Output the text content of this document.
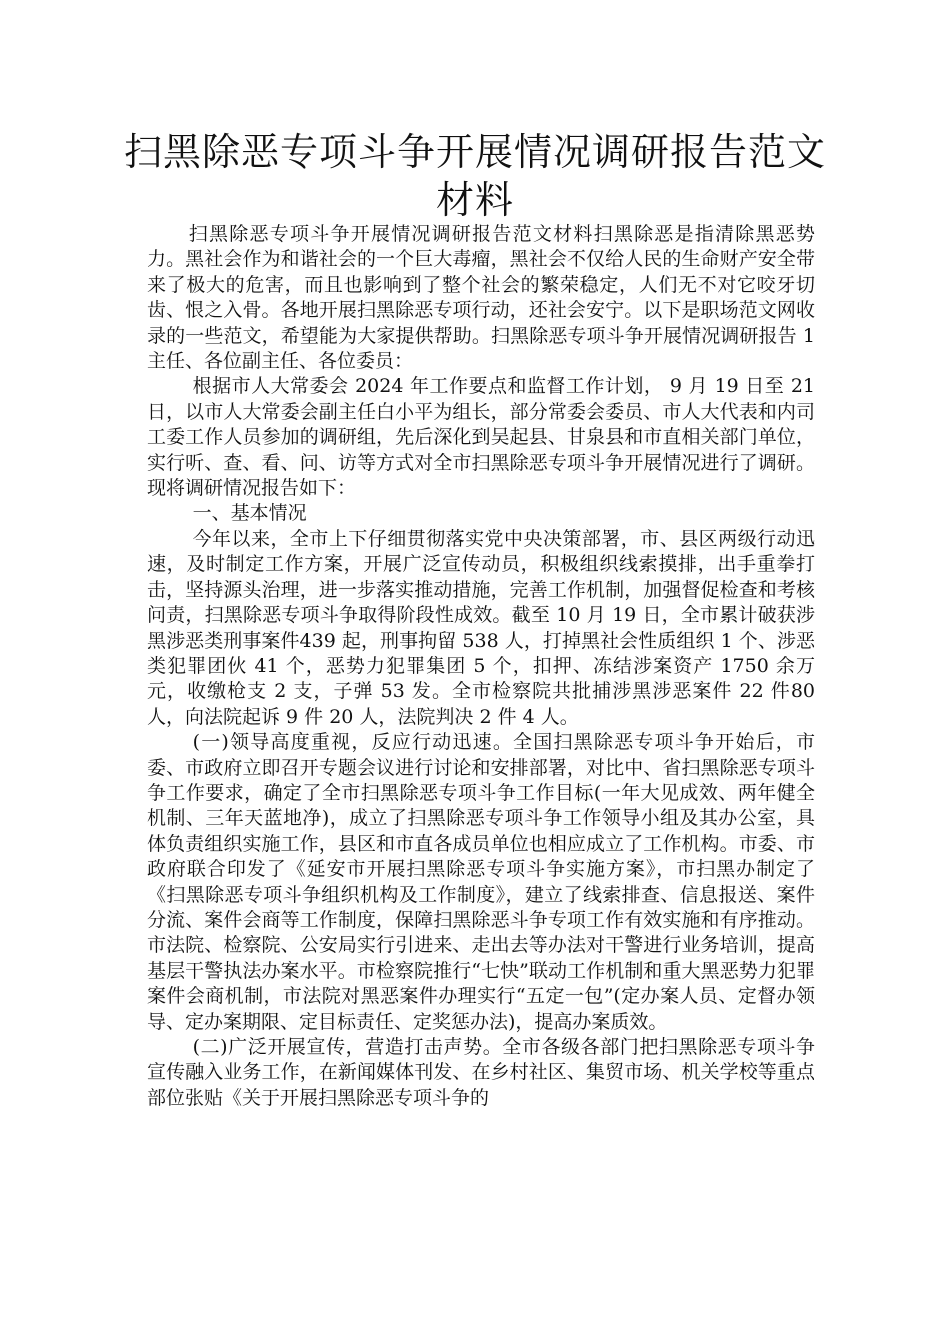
扫黑除恶专项斗争开展情况调研报告范文材料

扫黑除恶专项斗争开展情况调研报告范文材料扫黑除恶是指清除黑恶势力。黑社会作为和谐社会的一个巨大毒瘤，黑社会不仅给人民的生命财产安全带来了极大的危害，而且也影响到了整个社会的繁荣稳定，人们无不对它咬牙切齿、恨之入骨。各地开展扫黑除恶专项行动，还社会安宁。以下是职场范文网收录的一些范文，希望能为大家提供帮助。扫黑除恶专项斗争开展情况调研报告 1 主任、各位副主任、各位委员：

根据市人大常委会 2024 年工作要点和监督工作计划， 9 月 19 日至 21 日，以市人大常委会副主任白小平为组长，部分常委会委员、市人大代表和内司工委工作人员参加的调研组，先后深化到吴起县、甘泉县和市直相关部门单位，实行听、查、看、问、访等方式对全市扫黑除恶专项斗争开展情况进行了调研。现将调研情况报告如下：

一、基本情况

今年以来，全市上下仔细贯彻落实党中央决策部署，市、县区两级行动迅速，及时制定工作方案，开展广泛宣传动员，积极组织线索摸排，出手重拳打击，坚持源头治理，进一步落实推动措施，完善工作机制，加强督促检查和考核问责，扫黑除恶专项斗争取得阶段性成效。截至 10 月 19 日，全市累计破获涉黑涉恶类刑事案件439 起，刑事拘留 538 人，打掉黑社会性质组织 1 个、涉恶类犯罪团伙 41 个，恶势力犯罪集团 5 个，扣押、冻结涉案资产 1750 余万元，收缴枪支 2 支，子弹 53 发。全市检察院共批捕涉黑涉恶案件 22 件80 人，向法院起诉 9 件 20 人，法院判决 2 件 4 人。

(一)领导高度重视，反应行动迅速。全国扫黑除恶专项斗争开始后，市委、市政府立即召开专题会议进行讨论和安排部署，对比中、省扫黑除恶专项斗争工作要求，确定了全市扫黑除恶专项斗争工作目标(一年大见成效、两年健全机制、三年天蓝地净)，成立了扫黑除恶专项斗争工作领导小组及其办公室，具体负责组织实施工作，县区和市直各成员单位也相应成立了工作机构。市委、市政府联合印发了《延安市开展扫黑除恶专项斗争实施方案》，市扫黑办制定了《扫黑除恶专项斗争组织机构及工作制度》，建立了线索排查、信息报送、案件分流、案件会商等工作制度，保障扫黑除恶斗争专项工作有效实施和有序推动。市法院、检察院、公安局实行引进来、走出去等办法对干警进行业务培训，提高基层干警执法办案水平。市检察院推行“七快”联动工作机制和重大黑恶势力犯罪案件会商机制，市法院对黑恶案件办理实行“五定一包”(定办案人员、定督办领导、定办案期限、定目标责任、定奖惩办法)，提高办案质效。

(二)广泛开展宣传，营造打击声势。全市各级各部门把扫黑除恶专项斗争宣传融入业务工作，在新闻媒体刊发、在乡村社区、集贸市场、机关学校等重点部位张贴《关于开展扫黑除恶专项斗争的
